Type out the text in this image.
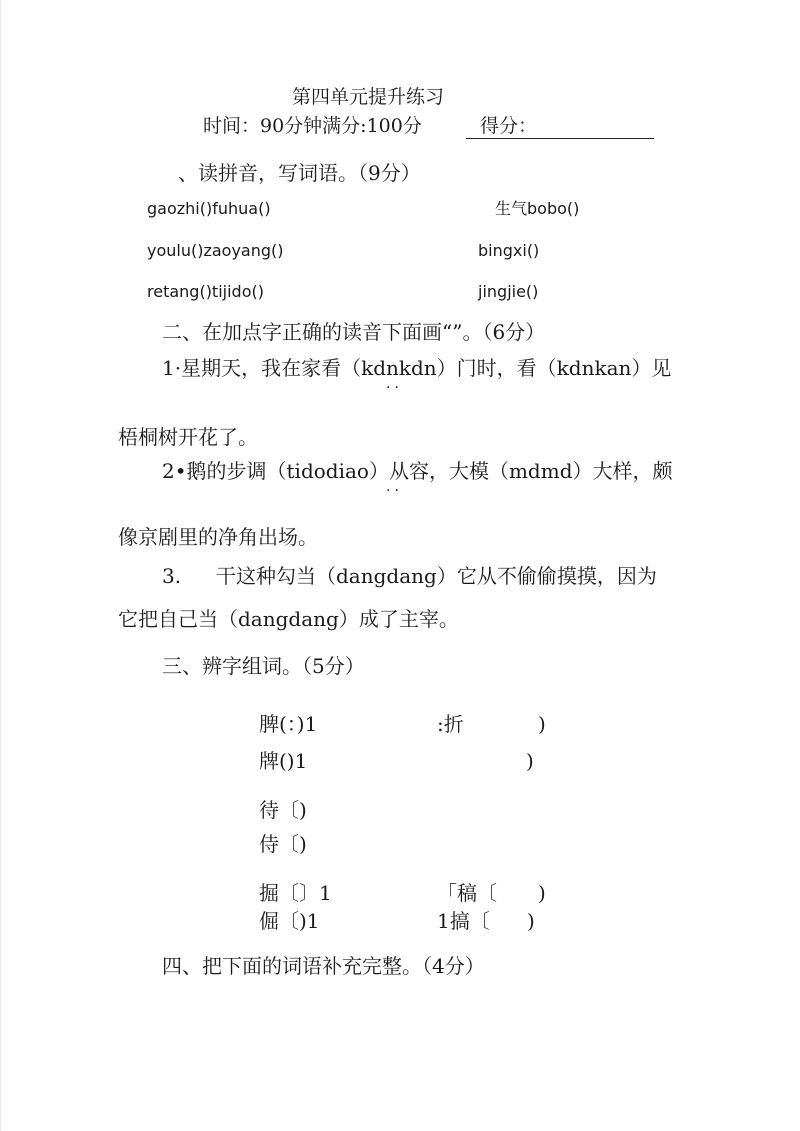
第四单元提升练习
时间：90分钟满分:100分	得分：
、读拼音，写词语。（9分）
gaozhi()fuhua()	生气bobo()
youlu()zaoyang()	bingxi()
retang()tijido()	jingjie()
二、在加点字正确的读音下面画“”。（6分）
1·星期天，我在家看（kdnkdn）门时，看（kdnkan）见
··
梧桐树开花了。
2•鹅的步调（tidodiao）从容，大模（mdmd）大样，颇
··
像京剧里的净角出场。
3. 干这种勾当（dangdang）它从不偷偷摸摸，因为
它把自己当（dangdang）成了主宰。
三、辨字组词。（5分）
脾(：)1	:折	)
牌()1	)
待〔)
侍〔)
掘〔〕1	「稿〔 )
倔〔)1	1搞〔 )
四、把下面的词语补充完整。（4分）
